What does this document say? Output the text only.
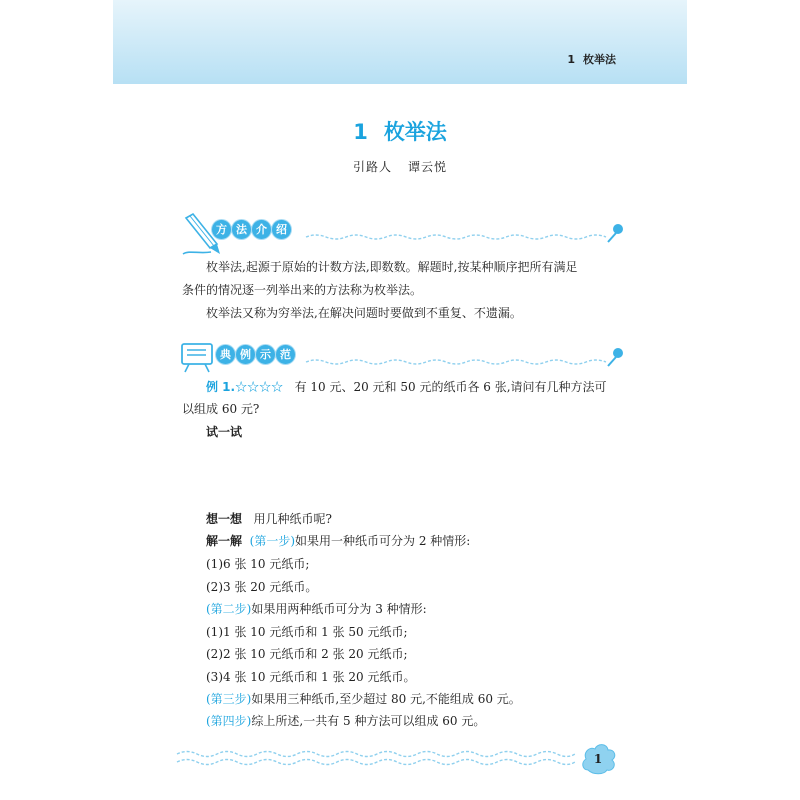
1 枚举法
1 枚举法
引路人 谭云悦
方 法 介 绍
枚举法,起源于原始的计数方法,即数数。解题时,按某种顺序把所有满足
条件的情况逐一列举出来的方法称为枚举法。
枚举法又称为穷举法,在解决问题时要做到不重复、不遗漏。
典 例 示 范
例 1.☆☆☆☆ 有 10 元、20 元和 50 元的纸币各 6 张,请问有几种方法可
以组成 60 元?
试一试
想一想 用几种纸币呢?
解一解 (第一步)如果用一种纸币可分为 2 种情形:
(1)6 张 10 元纸币;
(2)3 张 20 元纸币。
(第二步)如果用两种纸币可分为 3 种情形:
(1)1 张 10 元纸币和 1 张 50 元纸币;
(2)2 张 10 元纸币和 2 张 20 元纸币;
(3)4 张 10 元纸币和 1 张 20 元纸币。
(第三步)如果用三种纸币,至少超过 80 元,不能组成 60 元。
(第四步)综上所述,一共有 5 种方法可以组成 60 元。
1
